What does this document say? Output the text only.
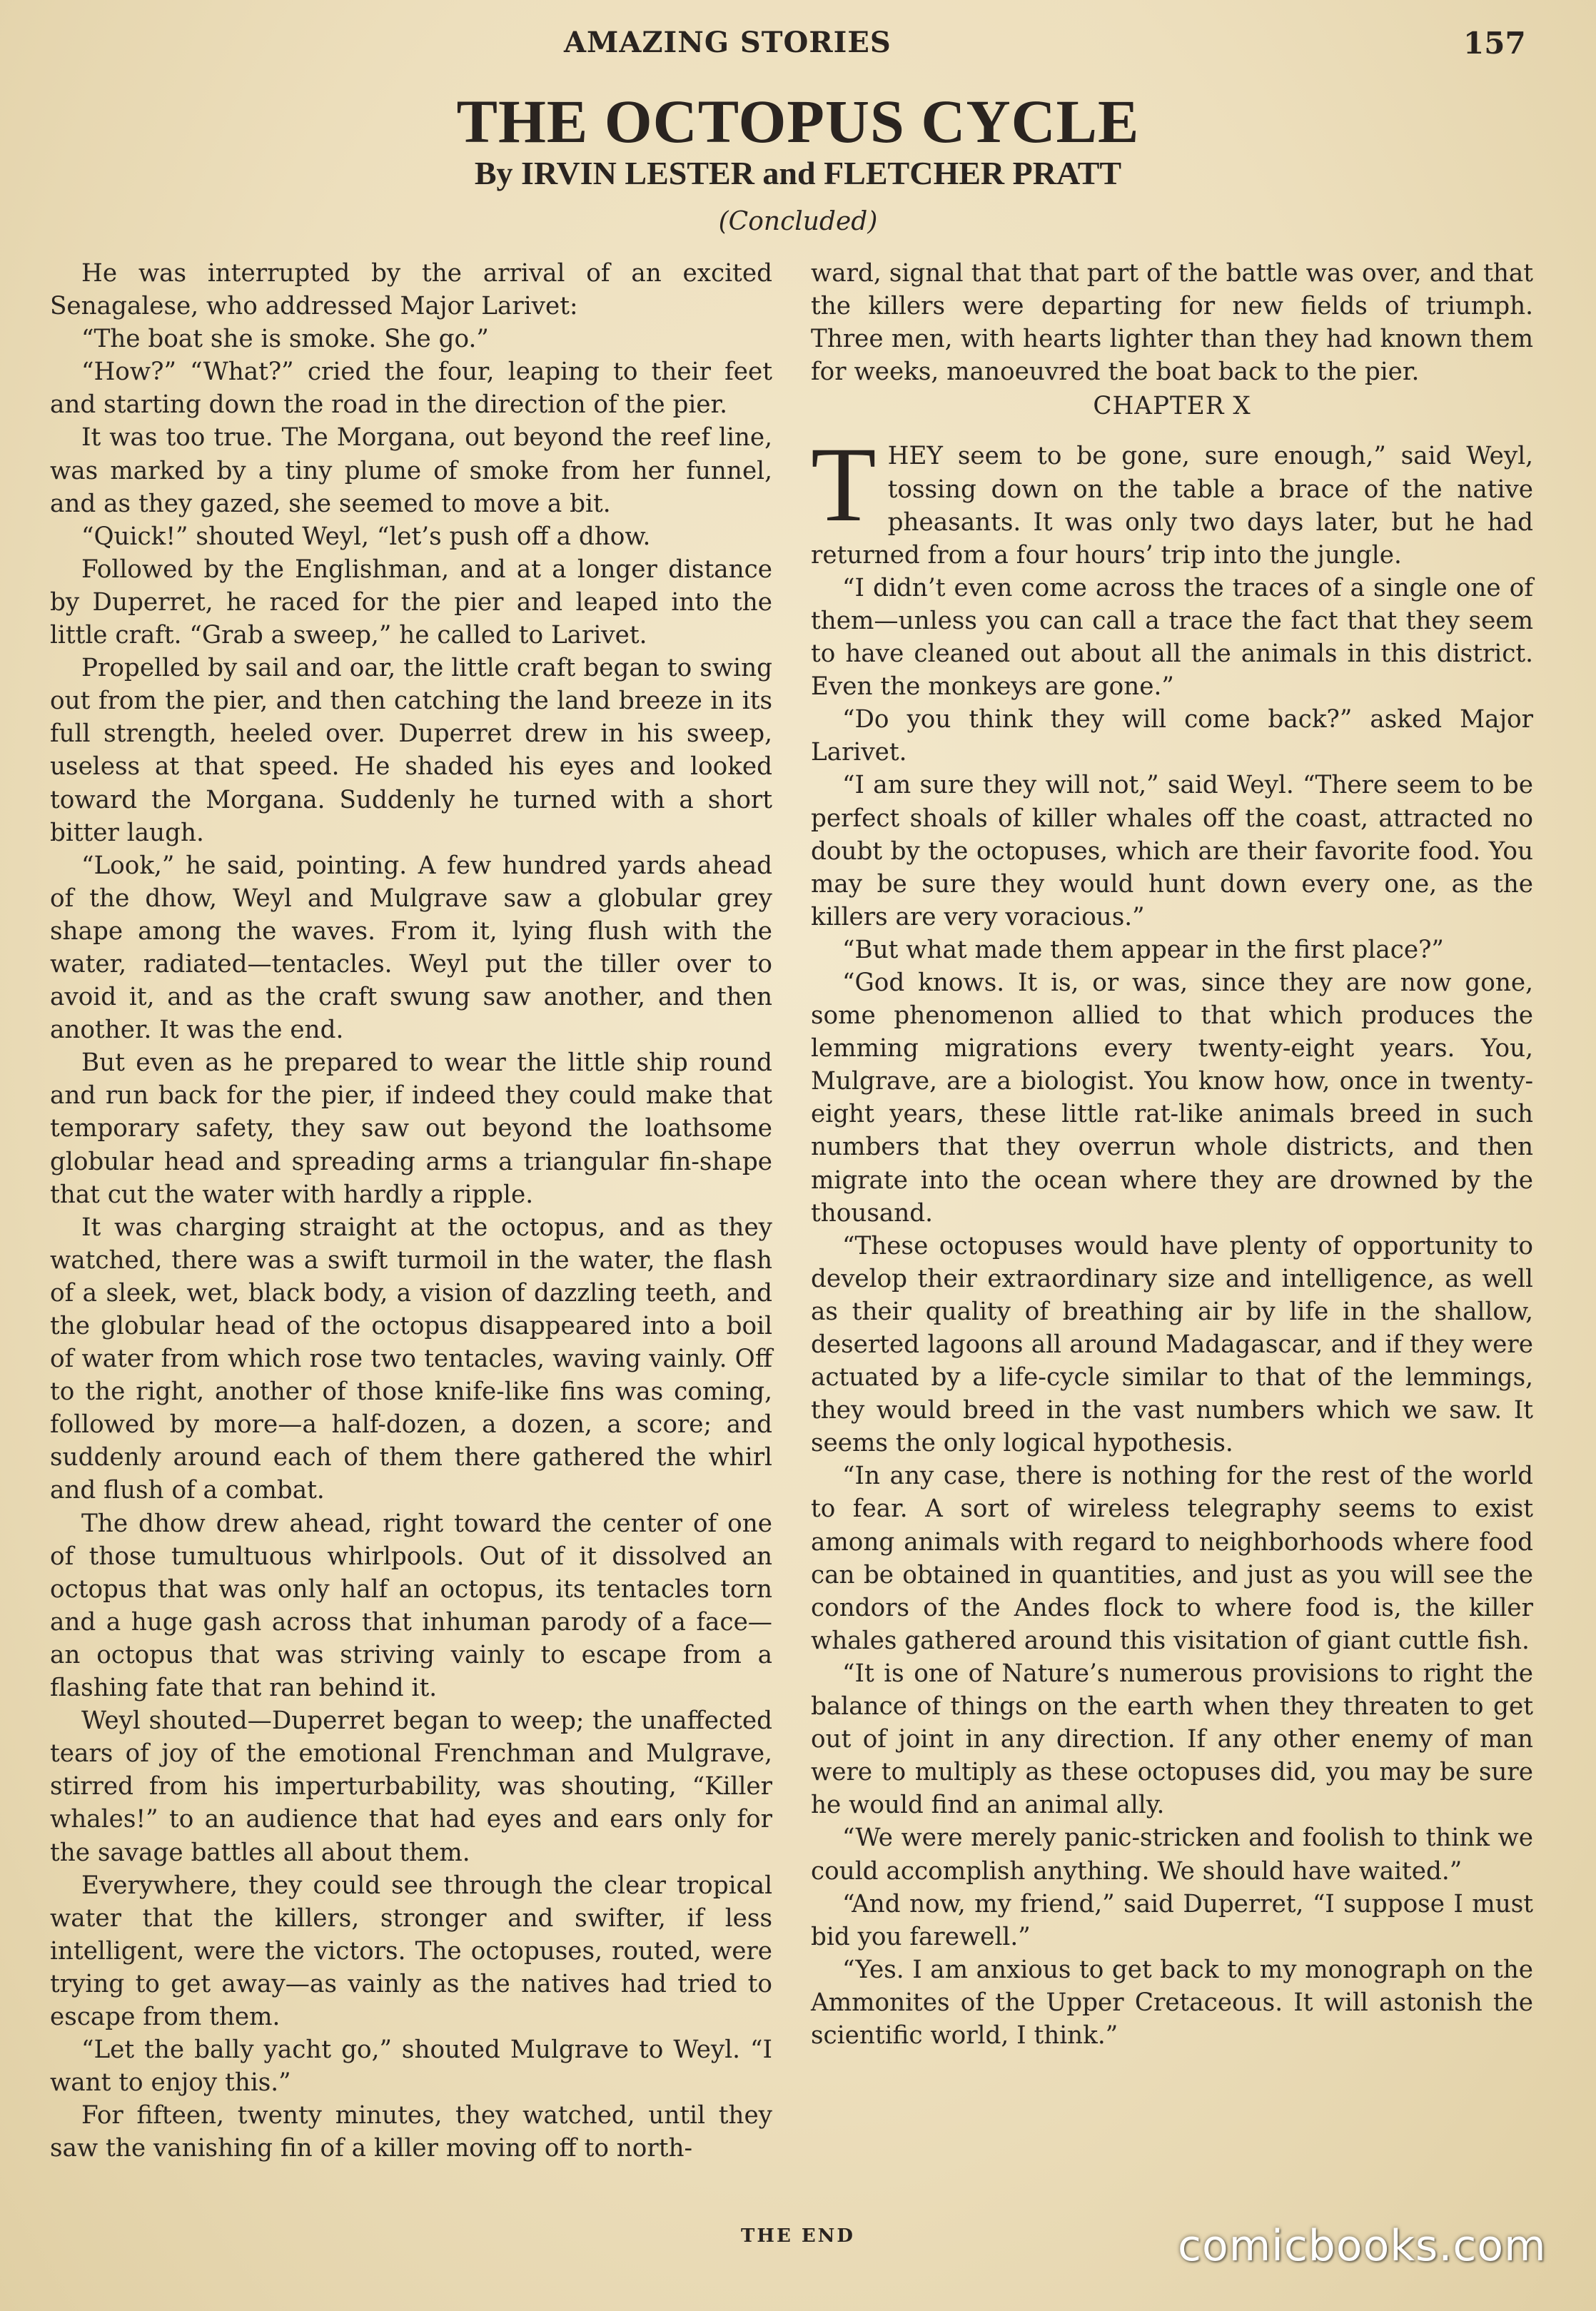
AMAZING STORIES	157
THE OCTOPUS CYCLE
By IRVIN LESTER and FLETCHER PRATT
(Concluded)

He was interrupted by the arrival of an excited Senagalese, who addressed Major Larivet:

“The boat she is smoke. She go.”

“How?” “What?” cried the four, leaping to their feet and starting down the road in the direction of the pier.

It was too true. The Morgana, out beyond the reef line, was marked by a tiny plume of smoke from her funnel, and as they gazed, she seemed to move a bit.

“Quick!” shouted Weyl, “let’s push off a dhow.

Followed by the Englishman, and at a longer distance by Duperret, he raced for the pier and leaped into the little craft. “Grab a sweep,” he called to Larivet.

Propelled by sail and oar, the little craft began to swing out from the pier, and then catching the land breeze in its full strength, heeled over. Duperret drew in his sweep, useless at that speed. He shaded his eyes and looked toward the Morgana. Suddenly he turned with a short bitter laugh.

“Look,” he said, pointing. A few hundred yards ahead of the dhow, Weyl and Mulgrave saw a globular grey shape among the waves. From it, lying flush with the water, radiated—tentacles. Weyl put the tiller over to avoid it, and as the craft swung saw another, and then another. It was the end.

But even as he prepared to wear the little ship round and run back for the pier, if indeed they could make that temporary safety, they saw out beyond the loathsome globular head and spreading arms a triangular fin-shape that cut the water with hardly a ripple.

It was charging straight at the octopus, and as they watched, there was a swift turmoil in the water, the flash of a sleek, wet, black body, a vision of dazzling teeth, and the globular head of the octopus disappeared into a boil of water from which rose two tentacles, waving vainly. Off to the right, another of those knife-like fins was coming, followed by more—a half-dozen, a dozen, a score; and suddenly around each of them there gathered the whirl and flush of a combat.

The dhow drew ahead, right toward the center of one of those tumultuous whirlpools. Out of it dissolved an octopus that was only half an octopus, its tentacles torn and a huge gash across that inhuman parody of a face—an octopus that was striving vainly to escape from a flashing fate that ran behind it.

Weyl shouted—Duperret began to weep; the unaffected tears of joy of the emotional Frenchman and Mulgrave, stirred from his imperturbability, was shouting, “Killer whales!” to an audience that had eyes and ears only for the savage battles all about them.

Everywhere, they could see through the clear tropical water that the killers, stronger and swifter, if less intelligent, were the victors. The octopuses, routed, were trying to get away—as vainly as the natives had tried to escape from them.

“Let the bally yacht go,” shouted Mulgrave to Weyl. “I want to enjoy this.”

For fifteen, twenty minutes, they watched, until they saw the vanishing fin of a killer moving off to north-

ward, signal that that part of the battle was over, and that the killers were departing for new fields of triumph. Three men, with hearts lighter than they had known them for weeks, manoeuvred the boat back to the pier.

CHAPTER X

THEY seem to be gone, sure enough,” said Weyl, tossing down on the table a brace of the native pheasants. It was only two days later, but he had returned from a four hours’ trip into the jungle.

“I didn’t even come across the traces of a single one of them—unless you can call a trace the fact that they seem to have cleaned out about all the animals in this district. Even the monkeys are gone.”

“Do you think they will come back?” asked Major Larivet.

“I am sure they will not,” said Weyl. “There seem to be perfect shoals of killer whales off the coast, attracted no doubt by the octopuses, which are their favorite food. You may be sure they would hunt down every one, as the killers are very voracious.”

“But what made them appear in the first place?”

“God knows. It is, or was, since they are now gone, some phenomenon allied to that which produces the lemming migrations every twenty-eight years. You, Mulgrave, are a biologist. You know how, once in twenty-eight years, these little rat-like animals breed in such numbers that they overrun whole districts, and then migrate into the ocean where they are drowned by the thousand.

“These octopuses would have plenty of opportunity to develop their extraordinary size and intelligence, as well as their quality of breathing air by life in the shallow, deserted lagoons all around Madagascar, and if they were actuated by a life-cycle similar to that of the lemmings, they would breed in the vast numbers which we saw. It seems the only logical hypothesis.

“In any case, there is nothing for the rest of the world to fear. A sort of wireless telegraphy seems to exist among animals with regard to neighborhoods where food can be obtained in quantities, and just as you will see the condors of the Andes flock to where food is, the killer whales gathered around this visitation of giant cuttle fish.

“It is one of Nature’s numerous provisions to right the balance of things on the earth when they threaten to get out of joint in any direction. If any other enemy of man were to multiply as these octopuses did, you may be sure he would find an animal ally.

“We were merely panic-stricken and foolish to think we could accomplish anything. We should have waited.”

“And now, my friend,” said Duperret, “I suppose I must bid you farewell.”

“Yes. I am anxious to get back to my monograph on the Ammonites of the Upper Cretaceous. It will astonish the scientific world, I think.”

THE END	comicbooks.com
